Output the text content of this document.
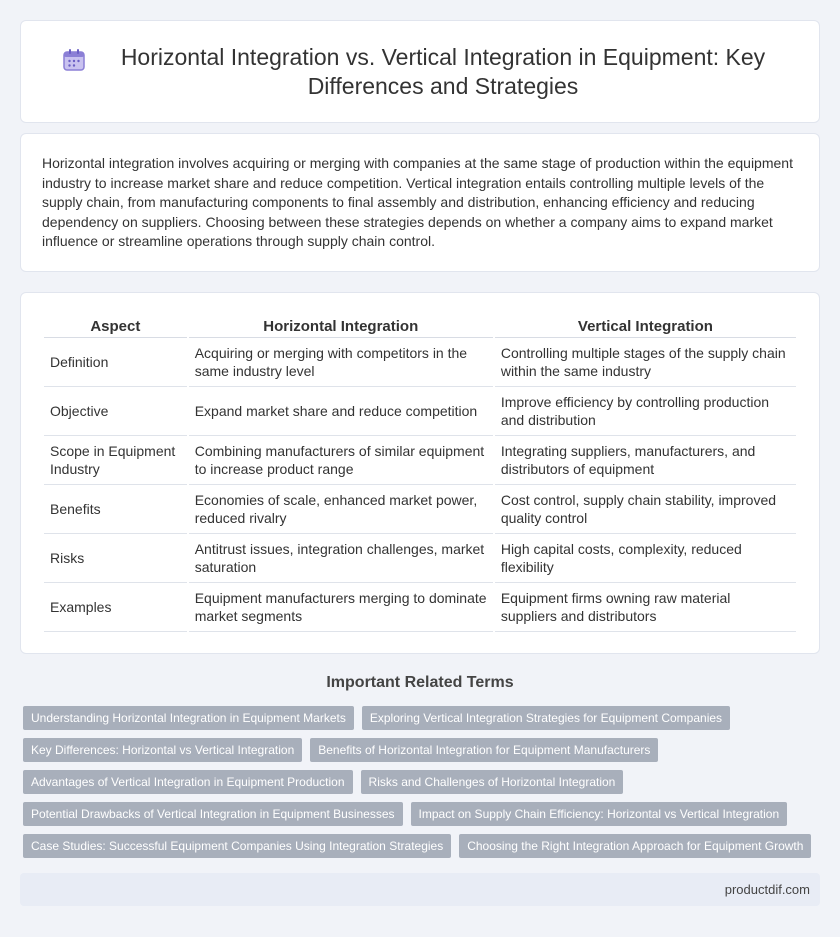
Horizontal Integration vs. Vertical Integration in Equipment: Key Differences and Strategies

Horizontal integration involves acquiring or merging with companies at the same stage of production within the equipment industry to increase market share and reduce competition. Vertical integration entails controlling multiple levels of the supply chain, from manufacturing components to final assembly and distribution, enhancing efficiency and reducing dependency on suppliers. Choosing between these strategies depends on whether a company aims to expand market influence or streamline operations through supply chain control.

Aspect	Horizontal Integration	Vertical Integration
Definition	Acquiring or merging with competitors in the same industry level	Controlling multiple stages of the supply chain within the same industry
Objective	Expand market share and reduce competition	Improve efficiency by controlling production and distribution
Scope in Equipment Industry	Combining manufacturers of similar equipment to increase product range	Integrating suppliers, manufacturers, and distributors of equipment
Benefits	Economies of scale, enhanced market power, reduced rivalry	Cost control, supply chain stability, improved quality control
Risks	Antitrust issues, integration challenges, market saturation	High capital costs, complexity, reduced flexibility
Examples	Equipment manufacturers merging to dominate market segments	Equipment firms owning raw material suppliers and distributors
Important Related Terms
Understanding Horizontal Integration in Equipment Markets	Exploring Vertical Integration Strategies for Equipment Companies
Key Differences: Horizontal vs Vertical Integration	Benefits of Horizontal Integration for Equipment Manufacturers
Advantages of Vertical Integration in Equipment Production	Risks and Challenges of Horizontal Integration
Potential Drawbacks of Vertical Integration in Equipment Businesses	Impact on Supply Chain Efficiency: Horizontal vs Vertical Integration
Case Studies: Successful Equipment Companies Using Integration Strategies	Choosing the Right Integration Approach for Equipment Growth
productdif.com
